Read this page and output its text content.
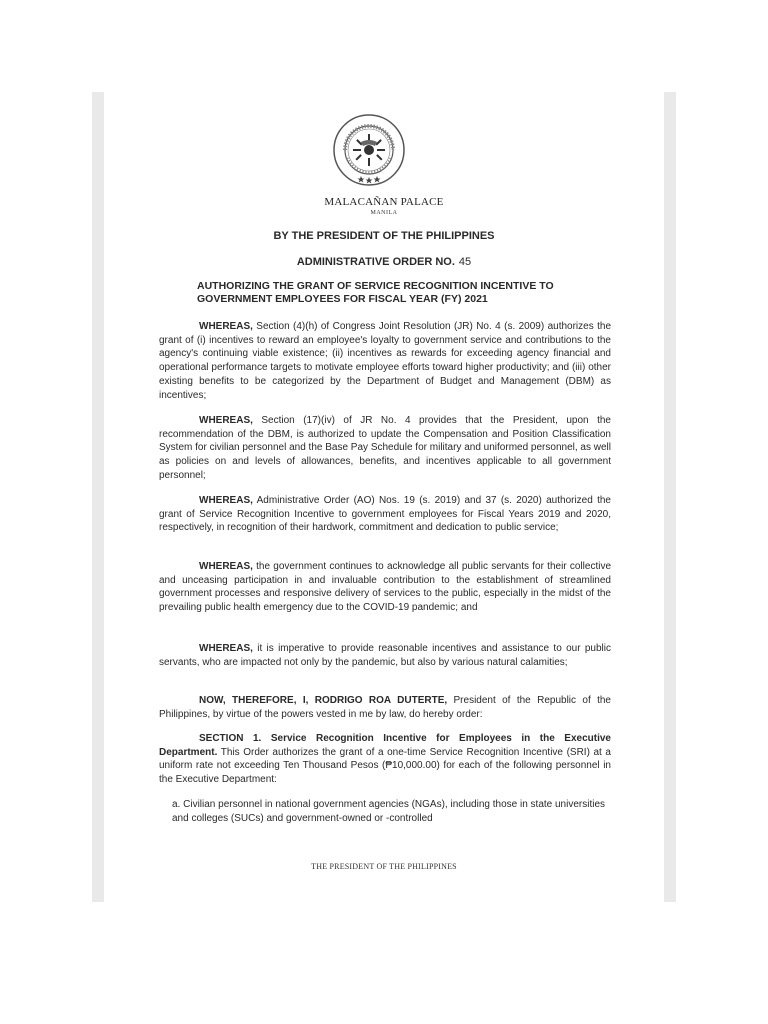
MALACAÑAN PALACE
MANILA
BY THE PRESIDENT OF THE PHILIPPINES
ADMINISTRATIVE ORDER NO. 45
AUTHORIZING THE GRANT OF SERVICE RECOGNITION INCENTIVE TO GOVERNMENT EMPLOYEES FOR FISCAL YEAR (FY) 2021
WHEREAS, Section (4)(h) of Congress Joint Resolution (JR) No. 4 (s. 2009) authorizes the grant of (i) incentives to reward an employee's loyalty to government service and contributions to the agency's continuing viable existence; (ii) incentives as rewards for exceeding agency financial and operational performance targets to motivate employee efforts toward higher productivity; and (iii) other existing benefits to be categorized by the Department of Budget and Management (DBM) as incentives;
WHEREAS, Section (17)(iv) of JR No. 4 provides that the President, upon the recommendation of the DBM, is authorized to update the Compensation and Position Classification System for civilian personnel and the Base Pay Schedule for military and uniformed personnel, as well as policies on and levels of allowances, benefits, and incentives applicable to all government personnel;
WHEREAS, Administrative Order (AO) Nos. 19 (s. 2019) and 37 (s. 2020) authorized the grant of Service Recognition Incentive to government employees for Fiscal Years 2019 and 2020, respectively, in recognition of their hardwork, commitment and dedication to public service;
WHEREAS, the government continues to acknowledge all public servants for their collective and unceasing participation in and invaluable contribution to the establishment of streamlined government processes and responsive delivery of services to the public, especially in the midst of the prevailing public health emergency due to the COVID-19 pandemic; and
WHEREAS, it is imperative to provide reasonable incentives and assistance to our public servants, who are impacted not only by the pandemic, but also by various natural calamities;
NOW, THEREFORE, I, RODRIGO ROA DUTERTE, President of the Republic of the Philippines, by virtue of the powers vested in me by law, do hereby order:
SECTION 1. Service Recognition Incentive for Employees in the Executive Department. This Order authorizes the grant of a one-time Service Recognition Incentive (SRI) at a uniform rate not exceeding Ten Thousand Pesos (₱10,000.00) for each of the following personnel in the Executive Department:
a. Civilian personnel in national government agencies (NGAs), including those in state universities and colleges (SUCs) and government-owned or -controlled
THE PRESIDENT OF THE PHILIPPINES
